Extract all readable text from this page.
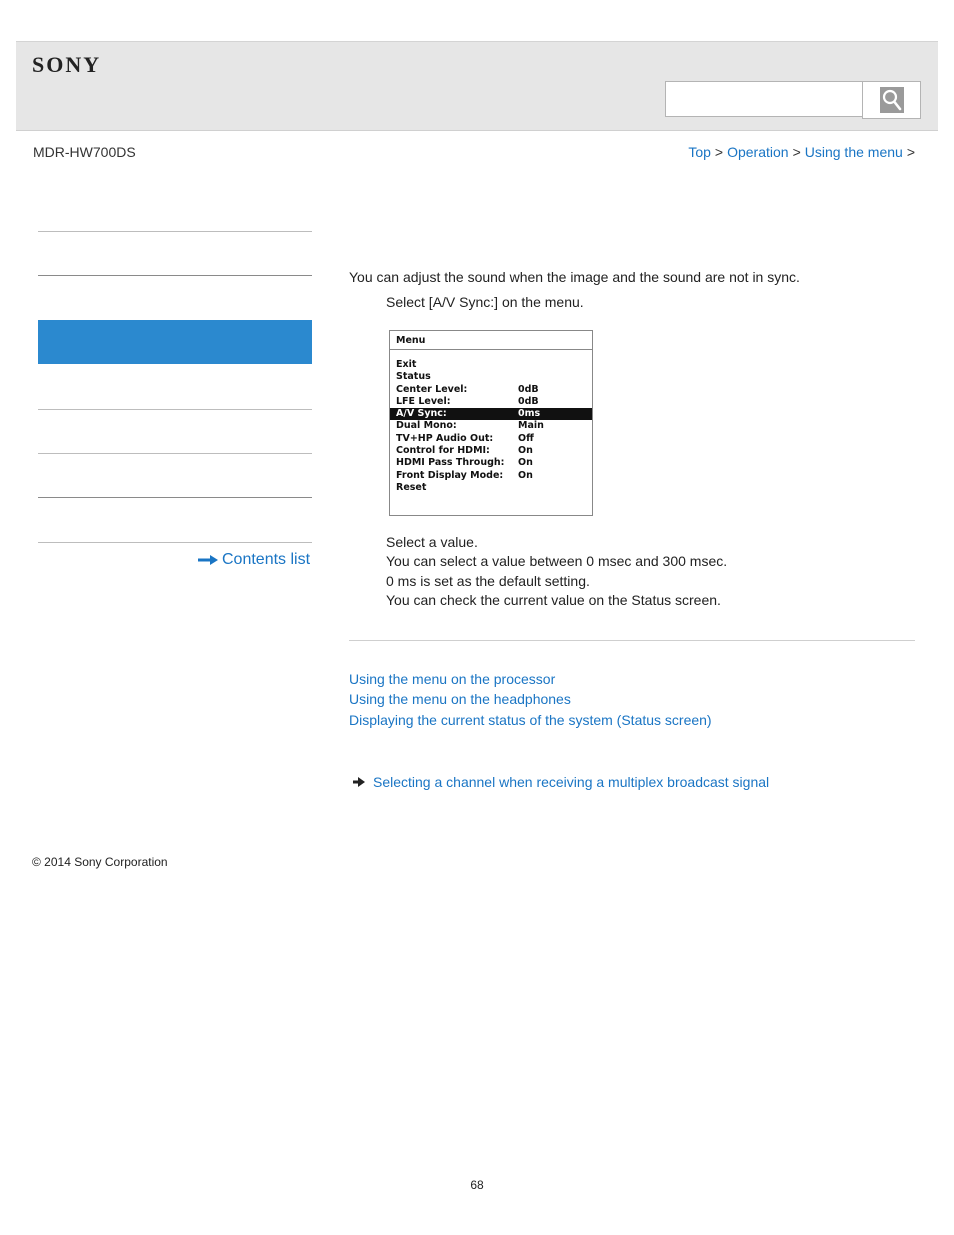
SONY
MDR-HW700DS	Top > Operation > Using the menu >
Contents list
You can adjust the sound when the image and the sound are not in sync.
Select [A/V Sync:] on the menu.
Menu
Exit
Status
Center Level:	0dB
LFE Level:	0dB
A/V Sync:	0ms
Dual Mono:	Main
TV+HP Audio Out:	Off
Control for HDMI:	On
HDMI Pass Through: On
Front Display Mode: On
Reset
Select a value.
You can select a value between 0 msec and 300 msec.
0 ms is set as the default setting.
You can check the current value on the Status screen.
Using the menu on the processor
Using the menu on the headphones
Displaying the current status of the system (Status screen)
Selecting a channel when receiving a multiplex broadcast signal
© 2014 Sony Corporation
68
